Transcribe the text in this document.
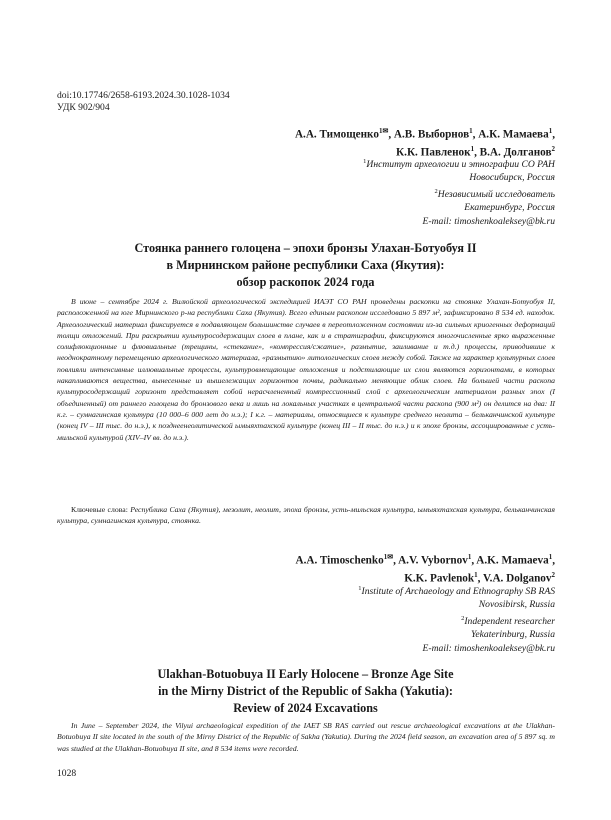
doi:10.17746/2658-6193.2024.30.1028-1034
УДК 902/904
А.А. Тимощенко$^{1✉}$, А.В. Выборнов$^1$, А.К. Мамаева$^1$,
К.К. Павленок$^1$, В.А. Долганов$^2$
$^1$Институт археологии и этнографии СО РАН
Новосибирск, Россия
$^2$Независимый исследователь
Екатеринбург, Россия
E-mail: timoshenkoaleksey@bk.ru
Стоянка раннего голоцена – эпохи бронзы Улахан-Ботуобуя II
в Мирнинском районе республики Саха (Якутия):
обзор раскопок 2024 года

В июне – сентябре 2024 г. Вилюйской археологической экспедицией ИАЭТ СО РАН проведены раскопки на стоянке Улахан-Ботуобуя II, расположенной на юге Мирнинского р-на республики Саха (Якутия). Всего единым раскопом исследовано 5 897 м², зафиксировано 8 534 ед. находок. Археологический материал фиксируется в подавляющем большинстве случаев в переотложенном состоянии из-за сильных криогенных деформаций толщи отложений. При раскрытии культуросодержащих слоев в плане, как и в стратиграфии, фиксируются многочисленные ярко выраженные солифлюкционные и флювиальные (трещины, «стекание», «компрессия/сжатие», размытие, заиливание и т.д.) процессы, приводившие к неоднократному перемещению археологического материала, «размытию» литологических слоев между собой. Также на характер культурных слоев повлияли интенсивные иллювиальные процессы, культуровмещающие отложения и подстилающие их слои являются горизонтами, в которых накапливаются вещества, вынесенные из вышележащих горизонтов почвы, радикально меняющие облик слоев. На большей части раскопа культуросодержащий горизонт представляет собой нерасчлененный компрессионный слой с археологическим материалом разных эпох (I объединенный) от раннего голоцена до бронзового века и лишь на локальных участках в центральной части раскопа (900 м²) он делится на два: II к.г. – сумнагинская культура (10 000–6 000 лет до н.э.); I к.г. – материалы, относящиеся к культуре среднего неолита – бельканчинской культуре (конец IV – III тыс. до н.э.), к позднеенеолитической ымыяхтахской культуре (конец III – II тыс. до н.э.) и к эпохе бронзы, ассоциированные с усть-мильской культурой (XIV–IV вв. до н.э.).

Ключевые слова: Республика Саха (Якутия), мезолит, неолит, эпоха бронзы, усть-мильская культура, ымыяхтахская культура, бельканчинская культура, сумнагинская культура, стоянка.

A.A. Timoschenko$^{1✉}$, A.V. Vybornov$^1$, A.K. Mamaeva$^1$,
K.K. Pavlenok$^1$, V.A. Dolganov$^2$
$^1$Institute of Archaeology and Ethnography SB RAS
Novosibirsk, Russia
$^2$Independent researcher
Yekaterinburg, Russia
E-mail: timoshenkoaleksey@bk.ru
Ulakhan-Botuobuya II Early Holocene – Bronze Age Site
in the Mirny District of the Republic of Sakha (Yakutia):
Review of 2024 Excavations

In June – September 2024, the Vilyui archaeological expedition of the IAET SB RAS carried out rescue archaeological excavations at the Ulakhan-Botuobuya II site located in the south of the Mirny District of the Republic of Sakha (Yakutia). During the 2024 field season, an excavation area of 5 897 sq. m was studied at the Ulakhan-Botuobuya II site, and 8 534 items were recorded.

1028
